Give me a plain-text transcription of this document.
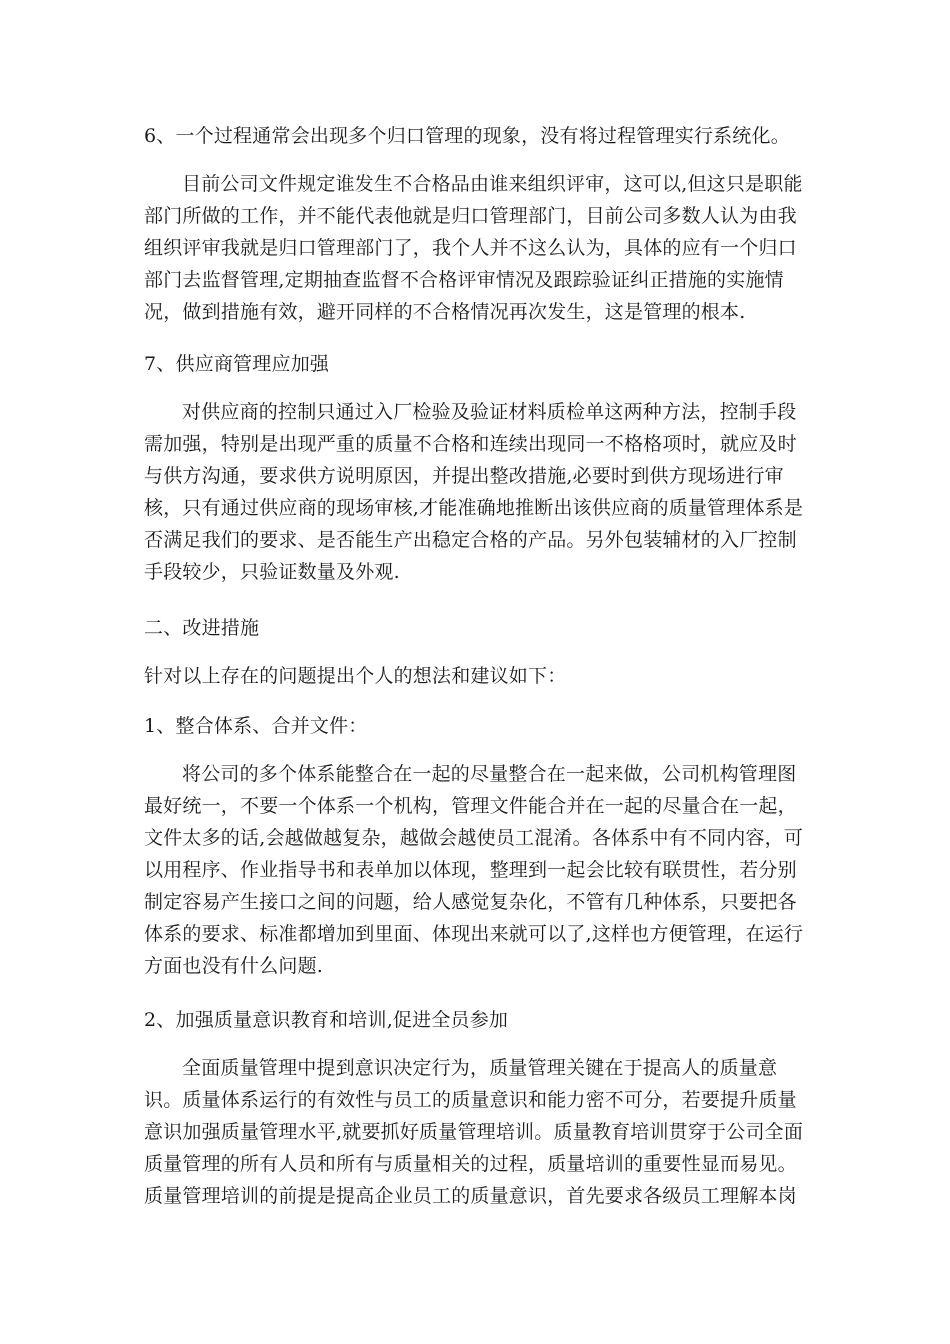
6、一个过程通常会出现多个归口管理的现象，没有将过程管理实行系统化。

目前公司文件规定谁发生不合格品由谁来组织评审，这可以,但这只是职能
部门所做的工作，并不能代表他就是归口管理部门，目前公司多数人认为由我
组织评审我就是归口管理部门了，我个人并不这么认为，具体的应有一个归口
部门去监督管理,定期抽查监督不合格评审情况及跟踪验证纠正措施的实施情
况，做到措施有效，避开同样的不合格情况再次发生，这是管理的根本.

7、供应商管理应加强

对供应商的控制只通过入厂检验及验证材料质检单这两种方法，控制手段
需加强，特别是出现严重的质量不合格和连续出现同一不格格项时，就应及时
与供方沟通，要求供方说明原因，并提出整改措施,必要时到供方现场进行审
核，只有通过供应商的现场审核,才能准确地推断出该供应商的质量管理体系是
否满足我们的要求、是否能生产出稳定合格的产品。另外包装辅材的入厂控制
手段较少，只验证数量及外观.

二、改进措施

针对以上存在的问题提出个人的想法和建议如下：

1、整合体系、合并文件：

将公司的多个体系能整合在一起的尽量整合在一起来做，公司机构管理图
最好统一，不要一个体系一个机构，管理文件能合并在一起的尽量合在一起，
文件太多的话,会越做越复杂，越做会越使员工混淆。各体系中有不同内容，可
以用程序、作业指导书和表单加以体现，整理到一起会比较有联贯性，若分别
制定容易产生接口之间的问题，给人感觉复杂化，不管有几种体系，只要把各
体系的要求、标准都增加到里面、体现出来就可以了,这样也方便管理，在运行
方面也没有什么问题.

2、加强质量意识教育和培训,促进全员参加

全面质量管理中提到意识决定行为，质量管理关键在于提高人的质量意
识。质量体系运行的有效性与员工的质量意识和能力密不可分，若要提升质量
意识加强质量管理水平,就要抓好质量管理培训。质量教育培训贯穿于公司全面
质量管理的所有人员和所有与质量相关的过程，质量培训的重要性显而易见。
质量管理培训的前提是提高企业员工的质量意识，首先要求各级员工理解本岗
